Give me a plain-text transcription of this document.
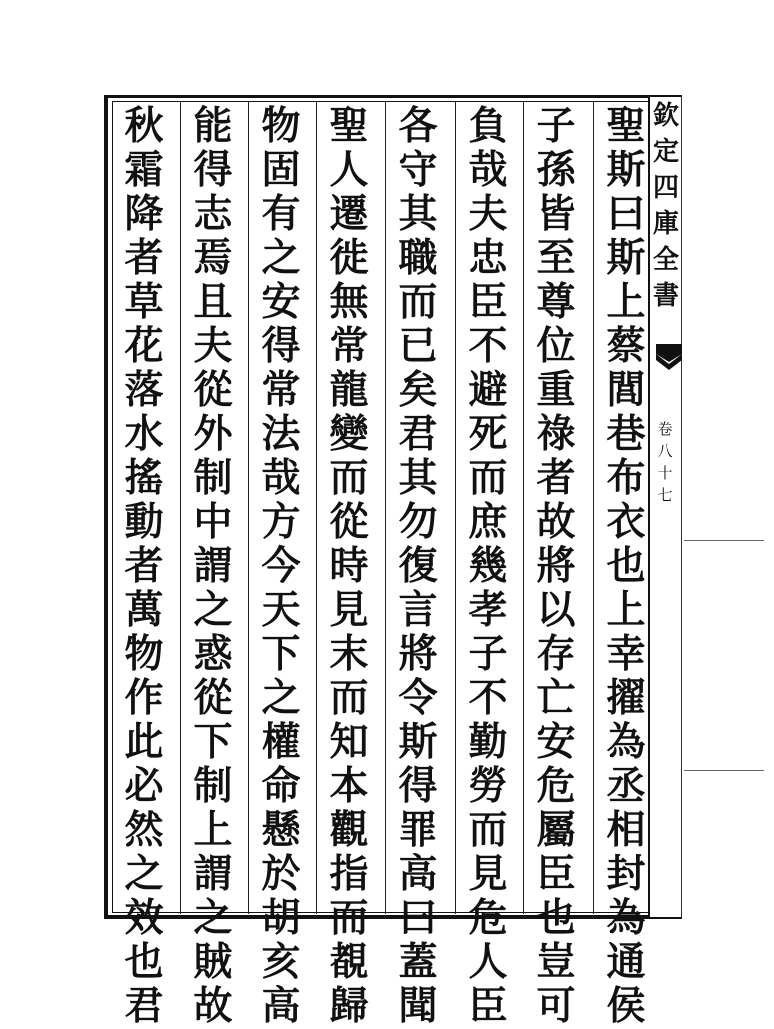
欽
定
四
庫
全
書
卷
八
十
七
聖
斯
曰
斯
上
蔡
閭
巷
布
衣
也
上
幸
擢
為
丞
相
封
為
通
侯
子
孫
皆
至
尊
位
重
祿
者
故
將
以
存
亡
安
危
屬
臣
也
豈
可
負
哉
夫
忠
臣
不
避
死
而
庶
幾
孝
子
不
勤
勞
而
見
危
人
臣
各
守
其
職
而
已
矣
君
其
勿
復
言
將
令
斯
得
罪
高
曰
蓋
聞
聖
人
遷
徙
無
常
龍
變
而
從
時
見
末
而
知
本
觀
指
而
覩
歸
物
固
有
之
安
得
常
法
哉
方
今
天
下
之
權
命
懸
於
胡
亥
高
能
得
志
焉
且
夫
從
外
制
中
謂
之
惑
從
下
制
上
謂
之
賊
故
秋
霜
降
者
草
花
落
水
搖
動
者
萬
物
作
此
必
然
之
效
也
君
